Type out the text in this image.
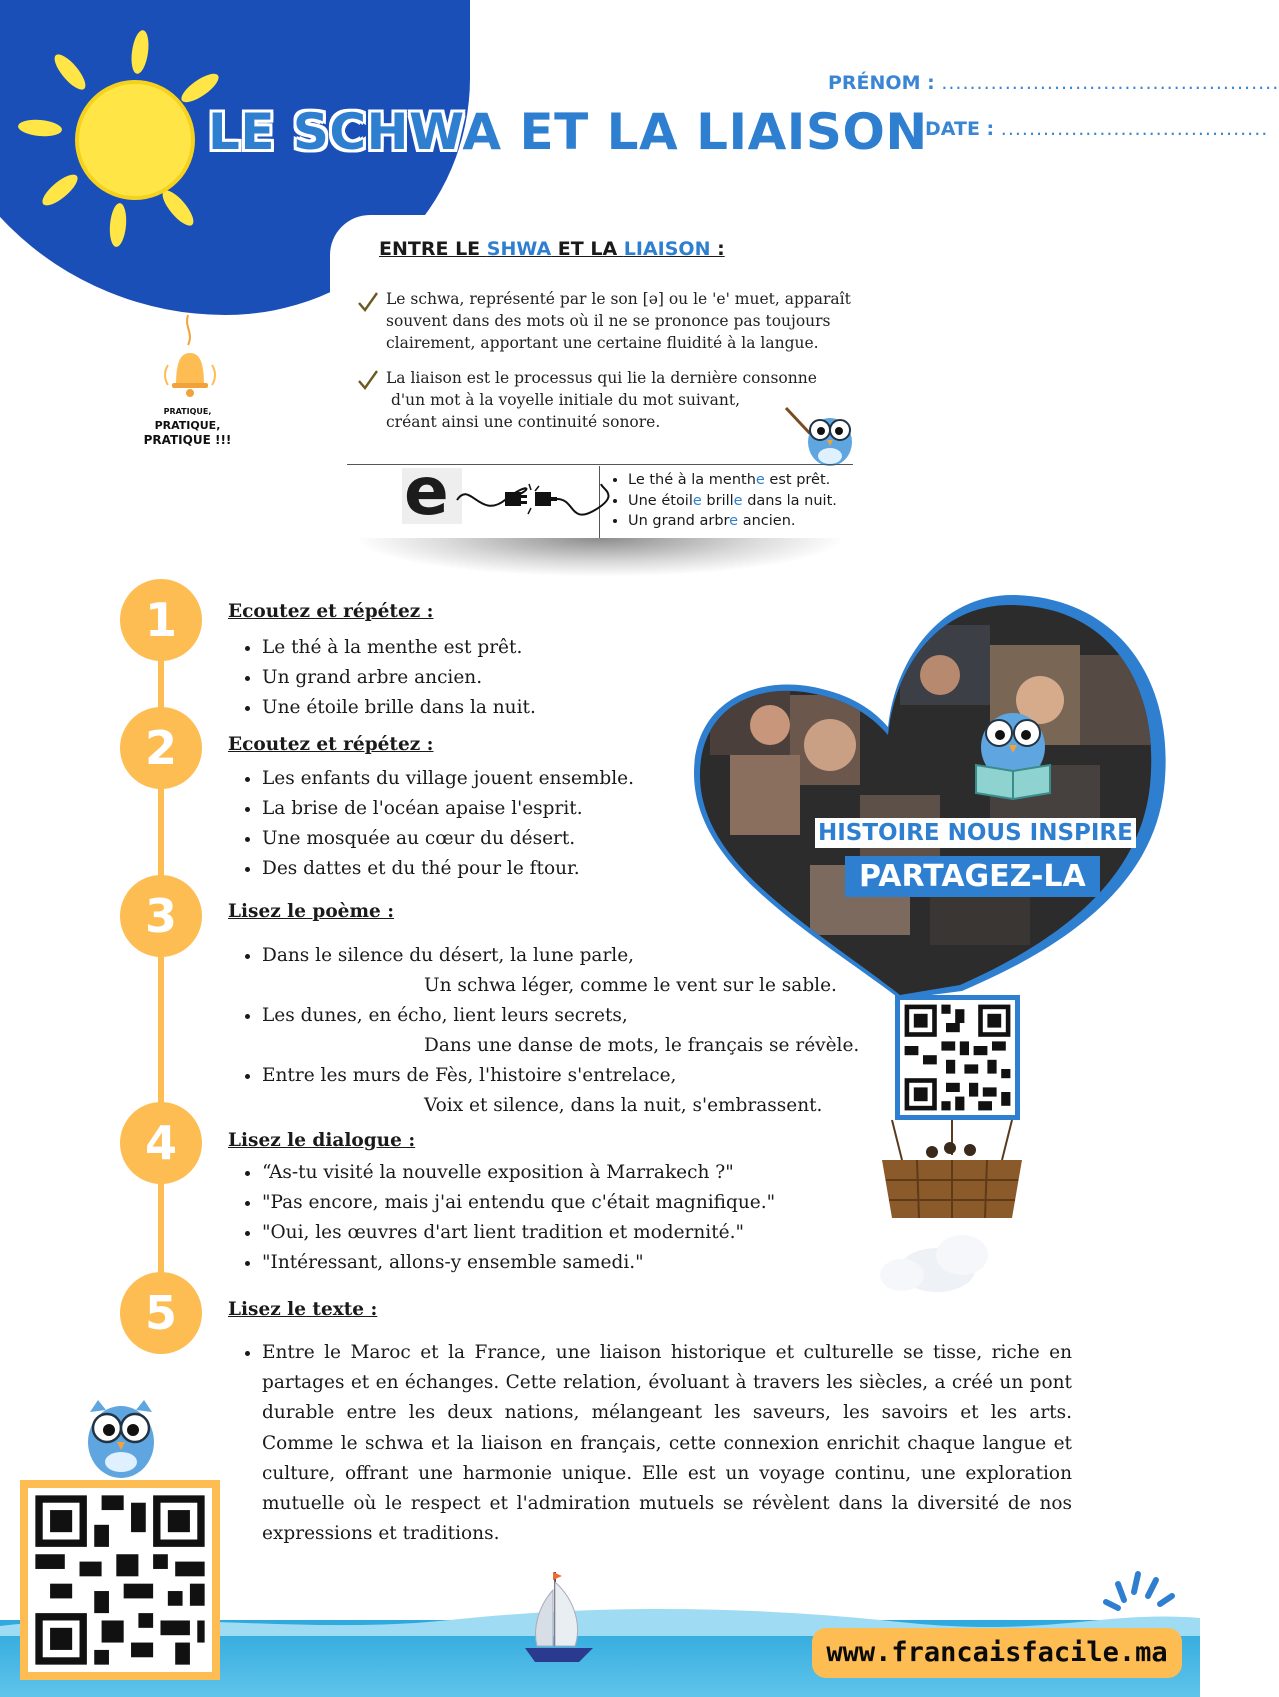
LE SCHWA ET LA LIAISON
PRÉNOM : ................................................
DATE : ......................................
ENTRE LE SHWA ET LA LIAISON :
Le schwa, représenté par le son [ə] ou le 'e' muet, apparaît
souvent dans des mots où il ne se prononce pas toujours
clairement, apportant une certaine fluidité à la langue.
La liaison est le processus qui lie la dernière consonne
d'un mot à la voyelle initiale du mot suivant,
créant ainsi une continuité sonore.
e
•	Le thé à la menthe est prêt.
• Une étoile brille dans la nuit.
• Un grand arbre ancien.
PRATIQUE,
PRATIQUE,
PRATIQUE !!!
1	Ecoutez et répétez :
• Le thé à la menthe est prêt.
• Un grand arbre ancien.
• Une étoile brille dans la nuit.
2	Ecoutez et répétez :
• Les enfants du village jouent ensemble.
• La brise de l'océan apaise l'esprit.
• Une mosquée au cœur du désert.
• Des dattes et du thé pour le ftour.
3	Lisez le poème :
• Dans le silence du désert, la lune parle,
Un schwa léger, comme le vent sur le sable.
• Les dunes, en écho, lient leurs secrets,
Dans une danse de mots, le français se révèle.
• Entre les murs de Fès, l'histoire s'entrelace,
Voix et silence, dans la nuit, s'embrassent.
4	Lisez le dialogue :
• “As-tu visité la nouvelle exposition à Marrakech ?"
• "Pas encore, mais j'ai entendu que c'était magnifique."
• "Oui, les œuvres d'art lient tradition et modernité."
• "Intéressant, allons-y ensemble samedi."
5	Lisez le texte :
• Entre le Maroc et la France, une liaison historique et culturelle se tisse, riche en partages et en échanges. Cette relation, évoluant à travers les siècles, a créé un pont durable entre les deux nations, mélangeant les saveurs, les savoirs et les arts. Comme le schwa et la liaison en français, cette connexion enrichit chaque langue et culture, offrant une harmonie unique. Elle est un voyage continu, une exploration mutuelle où le respect et l'admiration mutuels se révèlent dans la diversité de nos expressions et traditions.
HISTOIRE NOUS INSPIRE
PARTAGEZ-LA
www.francaisfacile.ma
